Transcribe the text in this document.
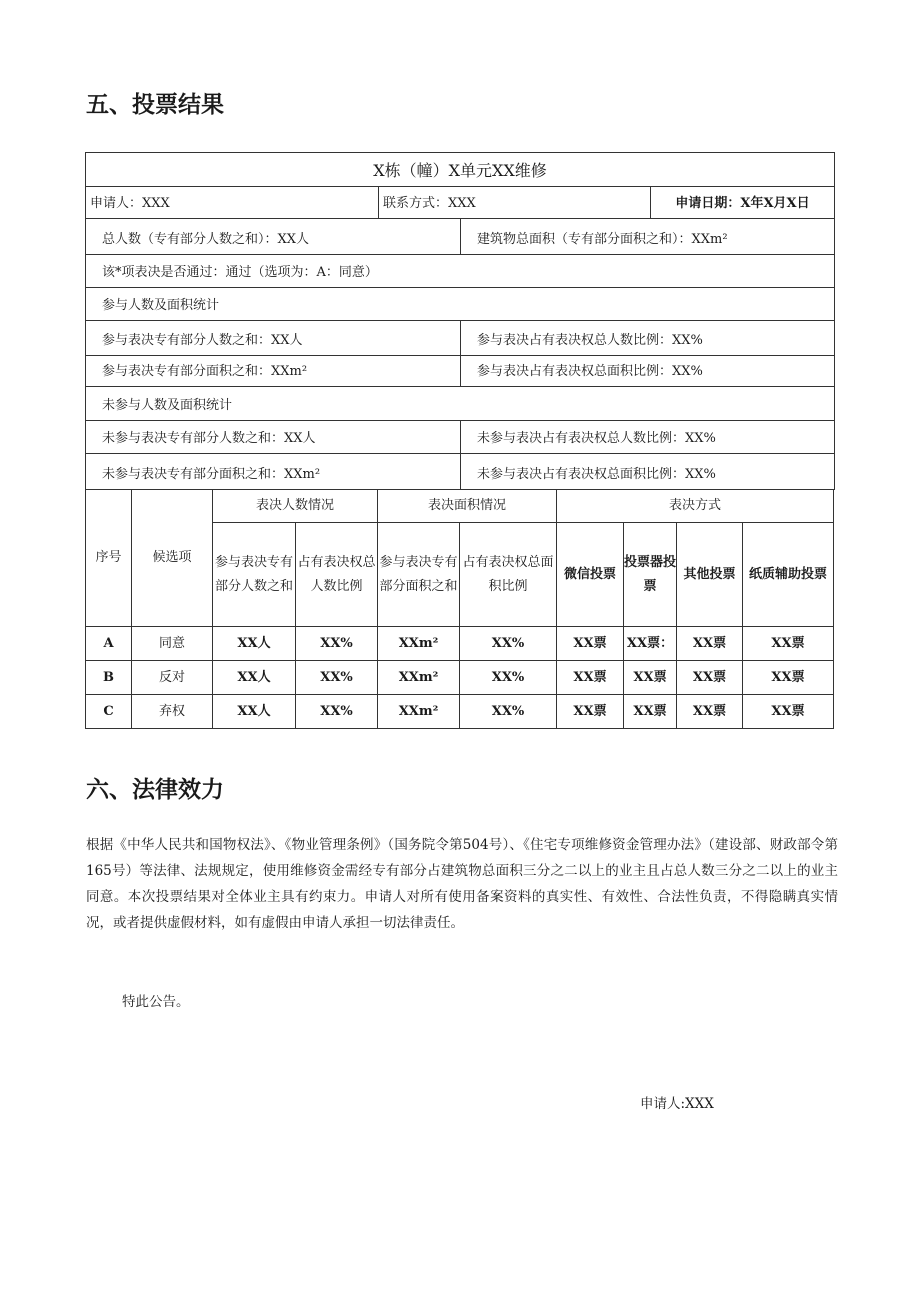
五、投票结果
X栋（幢）X单元XX维修
申请人：XXX	联系方式：XXX	申请日期：X年X月X日
总人数（专有部分人数之和）：XX人	建筑物总面积（专有部分面积之和）：XXm²
该*项表决是否通过：通过（选项为：A：同意）
参与人数及面积统计
参与表决专有部分人数之和：XX人	参与表决占有表决权总人数比例：XX%
参与表决专有部分面积之和：XXm²	参与表决占有表决权总面积比例：XX%
未参与人数及面积统计
未参与表决专有部分人数之和：XX人	未参与表决占有表决权总人数比例：XX%
未参与表决专有部分面积之和：XXm²	未参与表决占有表决权总面积比例：XX%
序号	候选项	表决人数情况		表决面积情况		表决方式			
		参与表决专有部分人数之和	占有表决权总人数比例	参与表决专有部分面积之和	占有表决权总面积比例	微信投票	投票器投票	其他投票	纸质辅助投票
A	同意	XX人	XX%	XXm²	XX%	XX票	XX票：	XX票	XX票
B	反对	XX人	XX%	XXm²	XX%	XX票	XX票	XX票	XX票
C	弃权	XX人	XX%	XXm²	XX%	XX票	XX票	XX票	XX票
六、法律效力

根据《中华人民共和国物权法》、《物业管理条例》（国务院令第504号）、《住宅专项维修资金管理办法》（建设部、财政部令第165号）等法律、法规规定，使用维修资金需经专有部分占建筑物总面积三分之二以上的业主且占总人数三分之二以上的业主同意。本次投票结果对全体业主具有约束力。申请人对所有使用备案资料的真实性、有效性、合法性负责，不得隐瞒真实情况，或者提供虚假材料，如有虚假由申请人承担一切法律责任。

特此公告。

申请人:XXX
